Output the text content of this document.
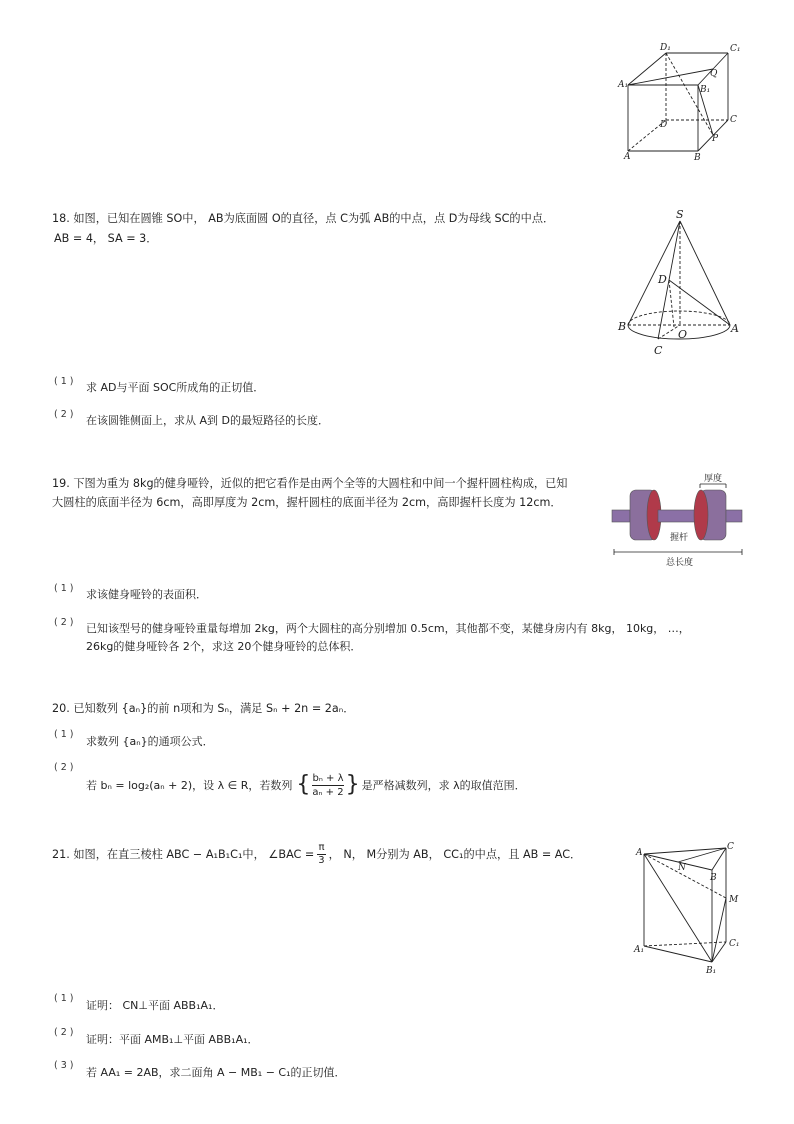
D₁	C₁
A₁
Q
B₁
D	C
P
A	B
18. 如图，已知在圆锥 SO中， AB为底面圆 O的直径，点 C为弧 AB的中点，点 D为母线 SC的中点．
AB = 4， SA = 3．
S
D
B	A
O
C
( 1 ) 求 AD与平面 SOC所成角的正切值．
( 2 ) 在该圆锥侧面上，求从 A到 D的最短路径的长度．
19. 下图为重为 8kg的健身哑铃，近似的把它看作是由两个全等的大圆柱和中间一个握杆圆柱构成，已知
大圆柱的底面半径为 6cm，高即厚度为 2cm，握杆圆柱的底面半径为 2cm，高即握杆长度为 12cm．
厚度
握杆
总长度
( 1 ) 求该健身哑铃的表面积．
( 2 ) 已知该型号的健身哑铃重量每增加 2kg，两个大圆柱的高分别增加 0.5cm，其他都不变，某健身房内有 8kg， 10kg， …，
26kg的健身哑铃各 2个，求这 20个健身哑铃的总体积．
20. 已知数列 {aₙ}的前 n项和为 Sₙ，满足 Sₙ + 2n = 2aₙ．
( 1 )
求数列 {aₙ}的通项公式．
( 2 )
若 bₙ = log₂(aₙ + 2)，设 λ ∈ R，若数列 { $\frac{\text{bₙ + λ}}{\text{aₙ + 2}}$ } 是严格减数列，求 λ的取值范围．
21. 如图，在直三棱柱 ABC − A₁B₁C₁中， ∠BAC = $\frac{\pi}{3}$ ， N， M分别为 AB， CC₁的中点，且 AB = AC．	A
C
N
B
M
A₁
C₁
B₁
( 1 )
证明： CN⊥平面 ABB₁A₁．
( 2 )
证明：平面 AMB₁⊥平面 ABB₁A₁．
( 3 )
若 AA₁ = 2AB，求二面角 A − MB₁ − C₁的正切值．
